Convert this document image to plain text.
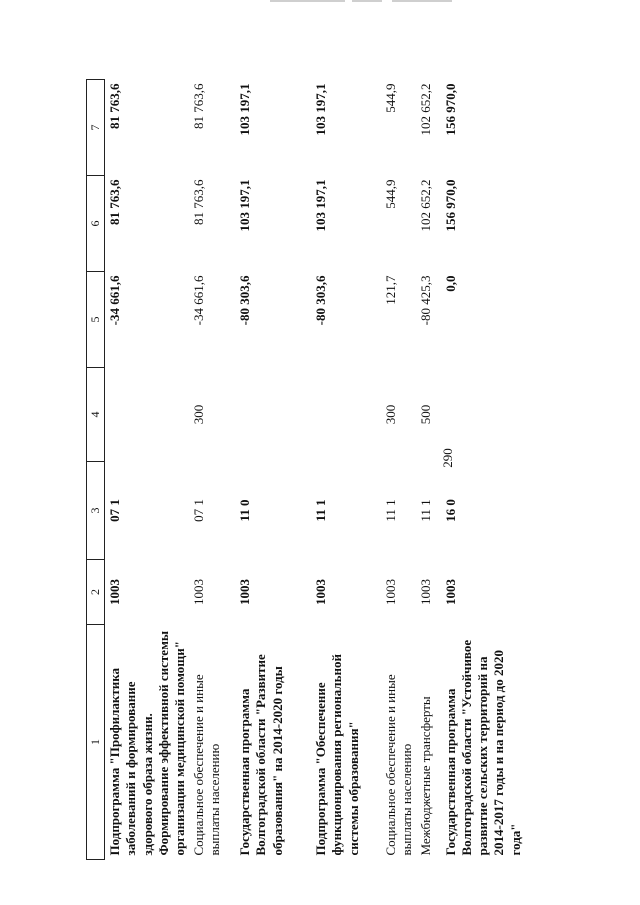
290
1	2	3	4	5	6	7
Подпрограмма "Профилактика заболеваний и формирование здорового образа жизни. Формирование эффективной системы организации медицинской помощи"	1003	07 1		-34 661,6	81 763,6	81 763,6
Социальное обеспечение и иные выплаты населению	1003	07 1	300	-34 661,6	81 763,6	81 763,6
Государственная программа Волгоградской области "Развитие образования" на 2014-2020 годы	1003	11 0		-80 303,6	103 197,1	103 197,1
Подпрограмма "Обеспечение функционирования региональной системы образования"	1003	11 1		-80 303,6	103 197,1	103 197,1
Социальное обеспечение и иные выплаты населению	1003	11 1	300	121,7	544,9	544,9
Межбюджетные трансферты	1003	11 1	500	-80 425,3	102 652,2	102 652,2
Государственная программа Волгоградской области "Устойчивое развитие сельских территорий на 2014-2017 годы и на период до 2020 года"	1003	16 0		0,0	156 970,0	156 970,0
